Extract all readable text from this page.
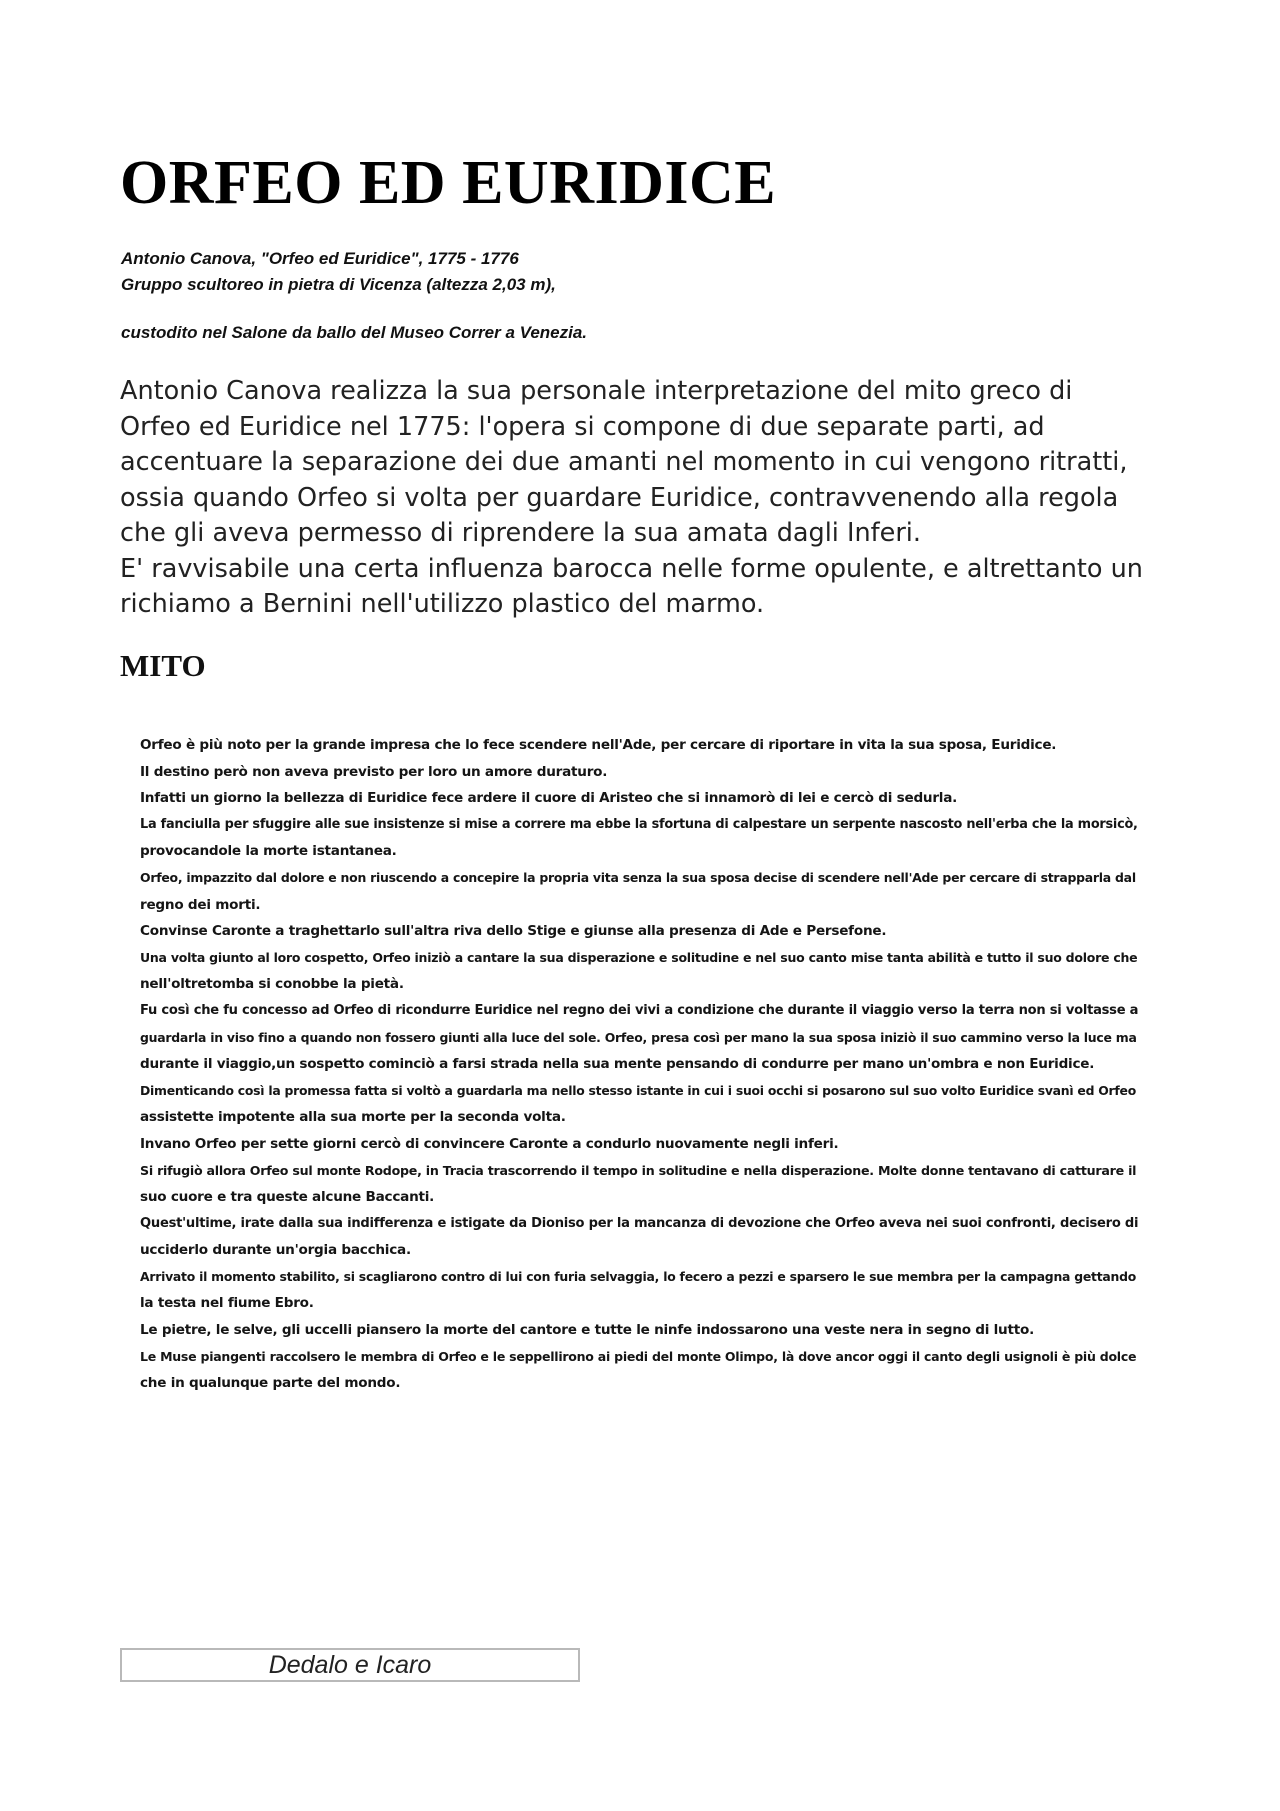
ORFEO ED EURIDICE
Antonio Canova, "Orfeo ed Euridice", 1775 - 1776
Gruppo scultoreo in pietra di Vicenza (altezza 2,03 m),
custodito nel Salone da ballo del Museo Correr a Venezia.
Antonio Canova realizza la sua personale interpretazione del mito greco di
Orfeo ed Euridice nel 1775: l'opera si compone di due separate parti, ad
accentuare la separazione dei due amanti nel momento in cui vengono ritratti,
ossia quando Orfeo si volta per guardare Euridice, contravvenendo alla regola
che gli aveva permesso di riprendere la sua amata dagli Inferi.
E' ravvisabile una certa influenza barocca nelle forme opulente, e altrettanto un
richiamo a Bernini nell'utilizzo plastico del marmo.
MITO
Orfeo è più noto per la grande impresa che lo fece scendere nell'Ade, per cercare di riportare in vita la sua sposa, Euridice.
Il destino però non aveva previsto per loro un amore duraturo.
Infatti un giorno la bellezza di Euridice fece ardere il cuore di Aristeo che si innamorò di lei e cercò di sedurla.
La fanciulla per sfuggire alle sue insistenze si mise a correre ma ebbe la sfortuna di calpestare un serpente nascosto nell'erba che la morsicò,
provocandole la morte istantanea.
Orfeo, impazzito dal dolore e non riuscendo a concepire la propria vita senza la sua sposa decise di scendere nell'Ade per cercare di strapparla dal
regno dei morti.
Convinse Caronte a traghettarlo sull'altra riva dello Stige e giunse alla presenza di Ade e Persefone.
Una volta giunto al loro cospetto, Orfeo iniziò a cantare la sua disperazione e solitudine e nel suo canto mise tanta abilità e tutto il suo dolore che
nell'oltretomba si conobbe la pietà.
Fu così che fu concesso ad Orfeo di ricondurre Euridice nel regno dei vivi a condizione che durante il viaggio verso la terra non si voltasse a
guardarla in viso fino a quando non fossero giunti alla luce del sole. Orfeo, presa così per mano la sua sposa iniziò il suo cammino verso la luce ma
durante il viaggio,un sospetto cominciò a farsi strada nella sua mente pensando di condurre per mano un'ombra e non Euridice.
Dimenticando così la promessa fatta si voltò a guardarla ma nello stesso istante in cui i suoi occhi si posarono sul suo volto Euridice svanì ed Orfeo
assistette impotente alla sua morte per la seconda volta.
Invano Orfeo per sette giorni cercò di convincere Caronte a condurlo nuovamente negli inferi.
Si rifugiò allora Orfeo sul monte Rodope, in Tracia trascorrendo il tempo in solitudine e nella disperazione. Molte donne tentavano di catturare il
suo cuore e tra queste alcune Baccanti.
Quest'ultime, irate dalla sua indifferenza e istigate da Dioniso per la mancanza di devozione che Orfeo aveva nei suoi confronti, decisero di
ucciderlo durante un'orgia bacchica.
Arrivato il momento stabilito, si scagliarono contro di lui con furia selvaggia, lo fecero a pezzi e sparsero le sue membra per la campagna gettando
la testa nel fiume Ebro.
Le pietre, le selve, gli uccelli piansero la morte del cantore e tutte le ninfe indossarono una veste nera in segno di lutto.
Le Muse piangenti raccolsero le membra di Orfeo e le seppellirono ai piedi del monte Olimpo, là dove ancor oggi il canto degli usignoli è più dolce
che in qualunque parte del mondo.
Dedalo e Icaro
